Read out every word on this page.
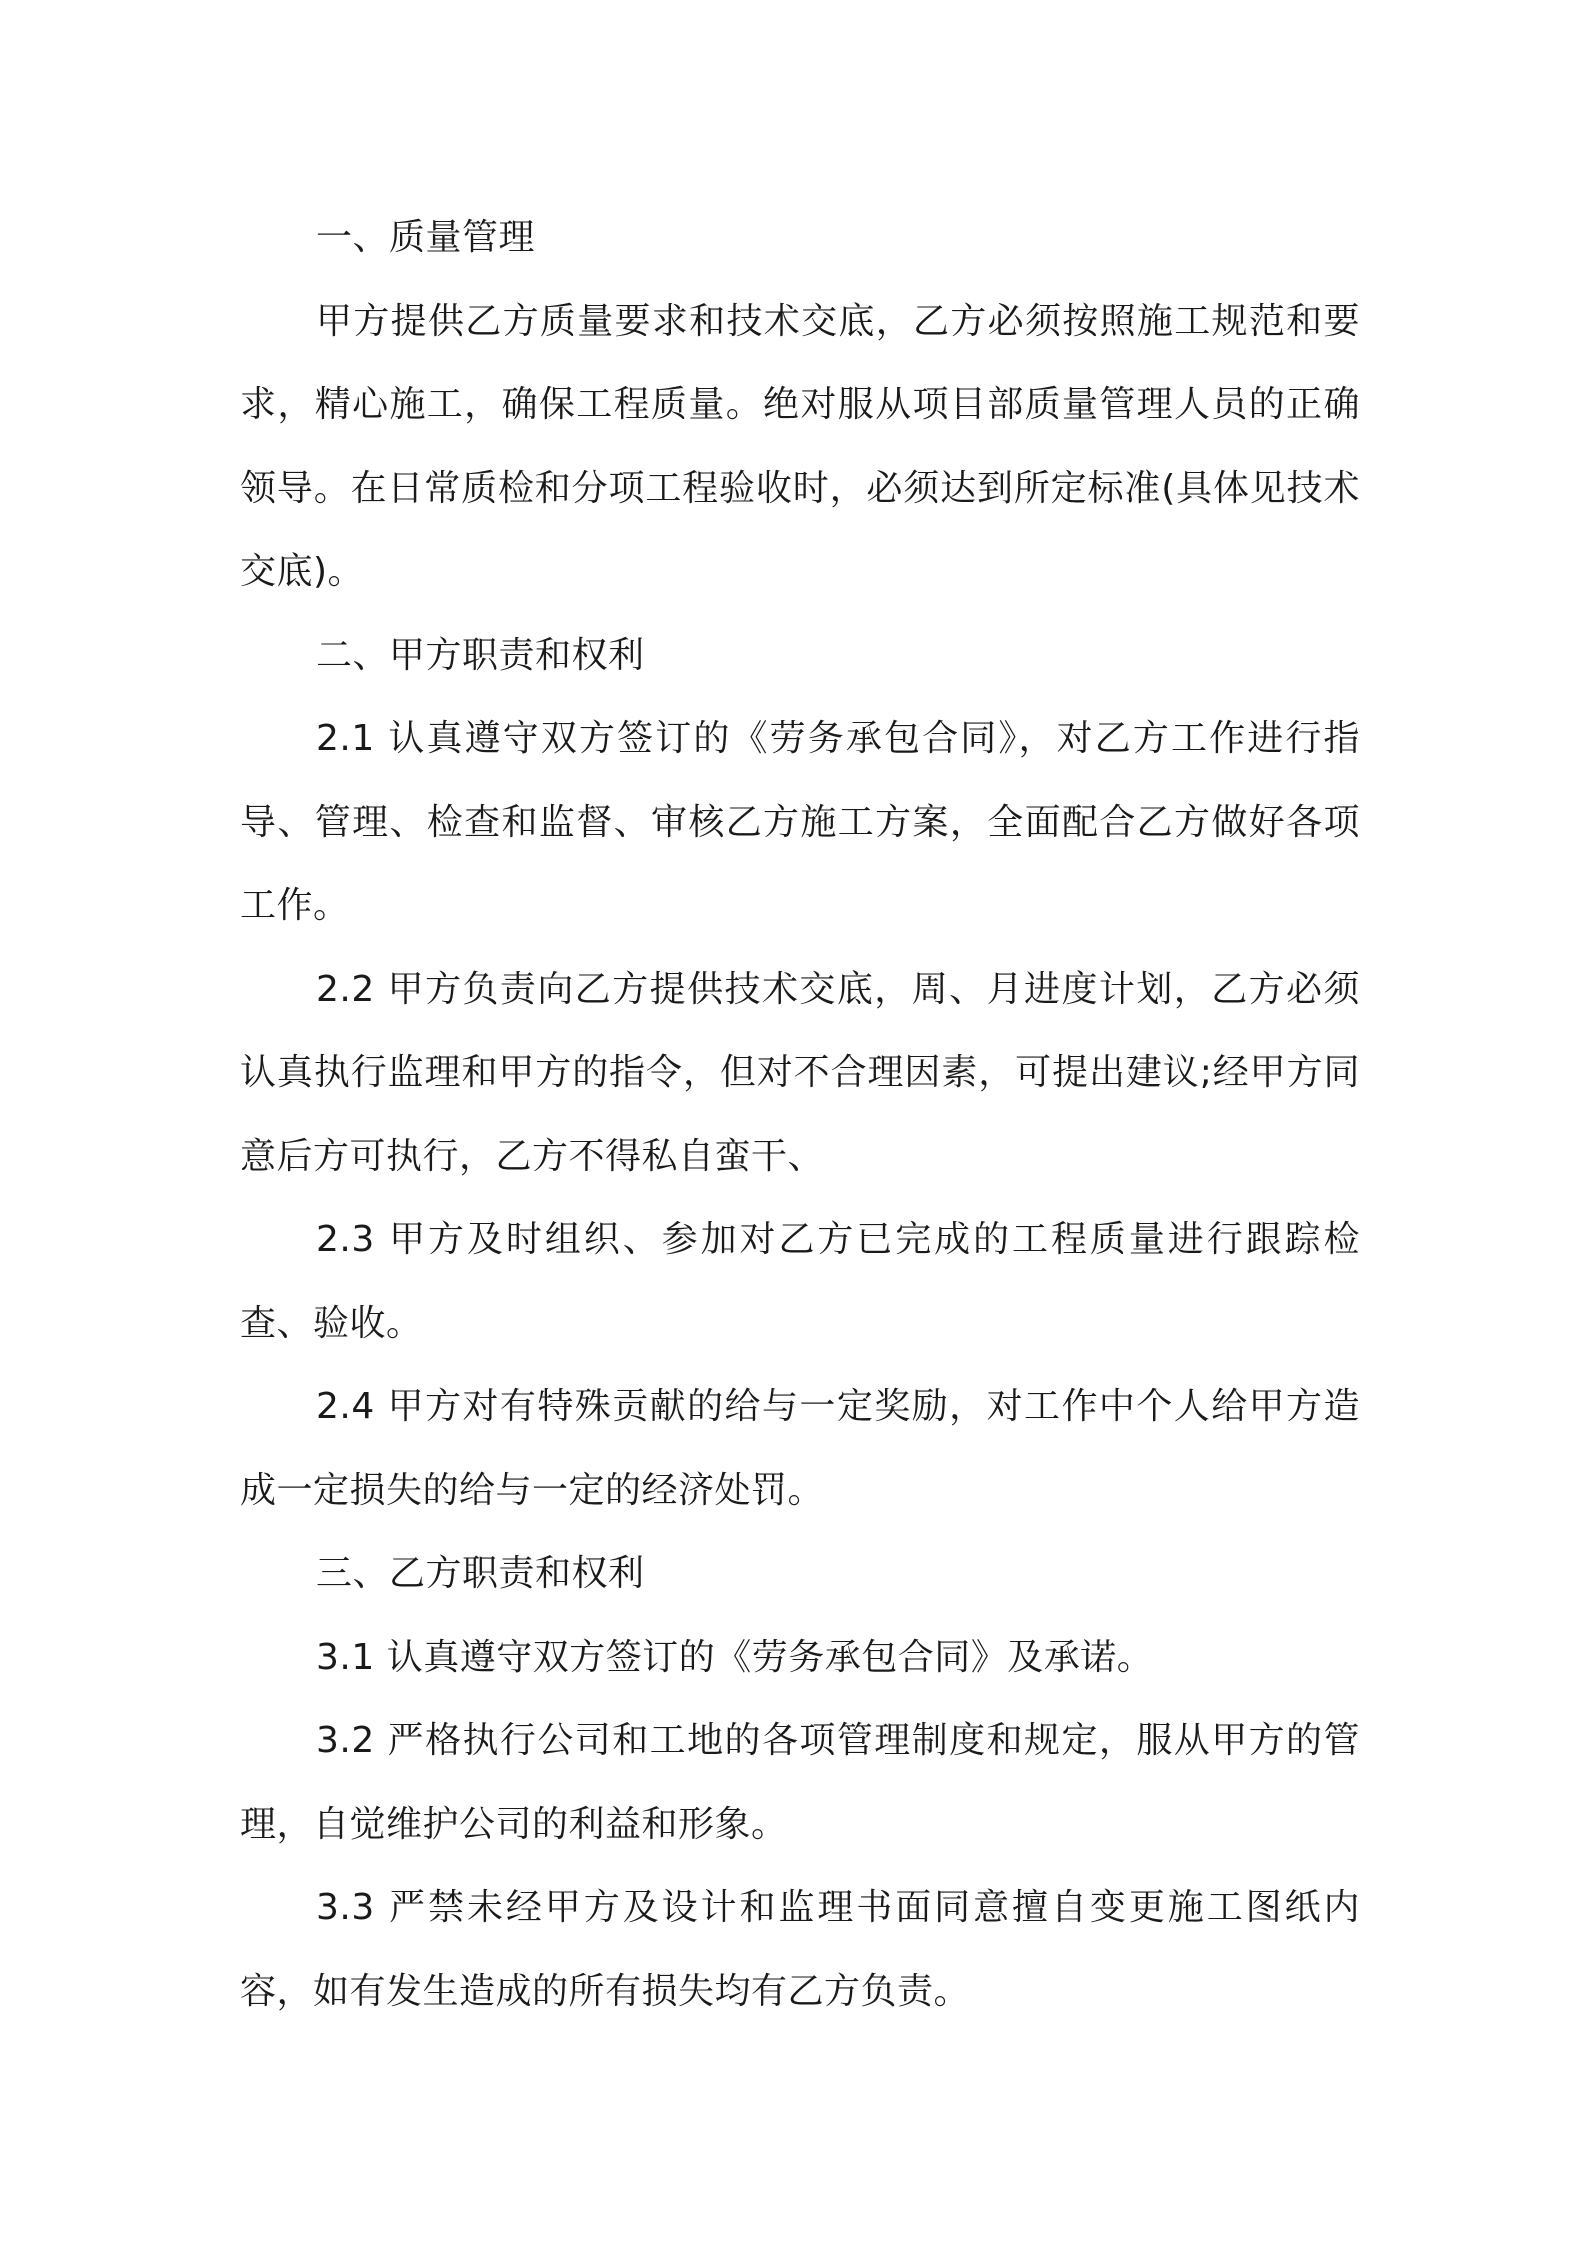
一、质量管理

甲方提供乙方质量要求和技术交底，乙方必须按照施工规范和要求，精心施工，确保工程质量。绝对服从项目部质量管理人员的正确领导。在日常质检和分项工程验收时，必须达到所定标准(具体见技术交底)。

二、甲方职责和权利

2.1 认真遵守双方签订的《劳务承包合同》，对乙方工作进行指导、管理、检查和监督、审核乙方施工方案，全面配合乙方做好各项工作。

2.2 甲方负责向乙方提供技术交底，周、月进度计划，乙方必须认真执行监理和甲方的指令，但对不合理因素，可提出建议;经甲方同意后方可执行，乙方不得私自蛮干、

2.3 甲方及时组织、参加对乙方已完成的工程质量进行跟踪检查、验收。

2.4 甲方对有特殊贡献的给与一定奖励，对工作中个人给甲方造成一定损失的给与一定的经济处罚。

三、乙方职责和权利

3.1 认真遵守双方签订的《劳务承包合同》及承诺。

3.2 严格执行公司和工地的各项管理制度和规定，服从甲方的管理，自觉维护公司的利益和形象。

3.3 严禁未经甲方及设计和监理书面同意擅自变更施工图纸内容，如有发生造成的所有损失均有乙方负责。
